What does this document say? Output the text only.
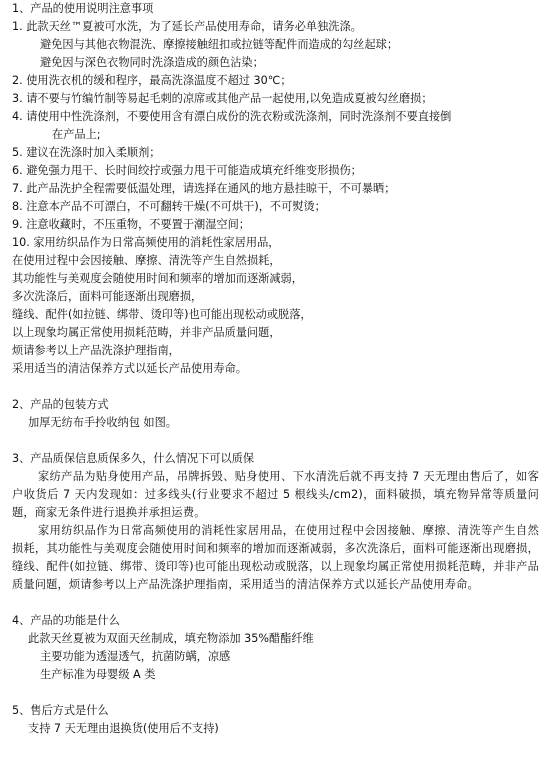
1、产品的使用说明注意事项
1. 此款天丝™夏被可水洗，为了延长产品使用寿命，请务必单独洗涤。
避免因与其他衣物混洗、摩擦接触纽扣或拉链等配件而造成的勾丝起球；
避免因与深色衣物同时洗涤造成的颜色沾染；
2. 使用洗衣机的缓和程序，最高洗涤温度不超过 30℃；
3. 请不要与竹编竹制等易起毛刺的凉席或其他产品一起使用,以免造成夏被勾丝磨损；
4. 请使用中性洗涤剂，不要使用含有漂白成份的洗衣粉或洗涤剂，同时洗涤剂不要直接倒
在产品上;
5. 建议在洗涤时加入柔顺剂；
6. 避免强力甩干、长时间绞拧或强力甩干可能造成填充纤维变形损伤；
7. 此产品洗护全程需要低温处理，请选择在通风的地方悬挂晾干，不可暴晒；
8. 注意本产品不可漂白，不可翻转干燥(不可烘干)，不可熨烫；
9. 注意收藏时，不压重物，不要置于潮湿空间；
10. 家用纺织品作为日常高频使用的消耗性家居用品，
在使用过程中会因接触、摩擦、清洗等产生自然损耗，
其功能性与美观度会随使用时间和频率的增加而逐渐减弱，
多次洗涤后，面料可能逐渐出现磨损，
缝线、配件(如拉链、绑带、烫印等)也可能出现松动或脱落，
以上现象均属正常使用损耗范畴，并非产品质量问题，
烦请参考以上产品洗涤护理指南，
采用适当的清洁保养方式以延长产品使用寿命。
2、产品的包装方式
加厚无纺布手拎收纳包 如图。
3、产品质保信息质保多久，什么情况下可以质保
家纺产品为贴身使用产品，吊牌拆毁、贴身使用、下水清洗后就不再支持 7 天无理由售后了，如客户收货后 7 天内发现如：过多线头(行业要求不超过 5 根线头/cm2)，面料破损，填充物异常等质量问题，商家无条件进行退换并承担运费。
家用纺织品作为日常高频使用的消耗性家居用品，在使用过程中会因接触、摩擦、清洗等产生自然损耗，其功能性与美观度会随使用时间和频率的增加而逐渐减弱，多次洗涤后，面料可能逐渐出现磨损，缝线、配件(如拉链、绑带、烫印等)也可能出现松动或脱落，以上现象均属正常使用损耗范畴，并非产品质量问题，烦请参考以上产品洗涤护理指南，采用适当的清洁保养方式以延长产品使用寿命。
4、产品的功能是什么
此款天丝夏被为双面天丝制成，填充物添加 35%醋酯纤维
主要功能为透湿透气，抗菌防螨，凉感
生产标准为母婴级 A 类
5、售后方式是什么
支持 7 天无理由退换货(使用后不支持)
